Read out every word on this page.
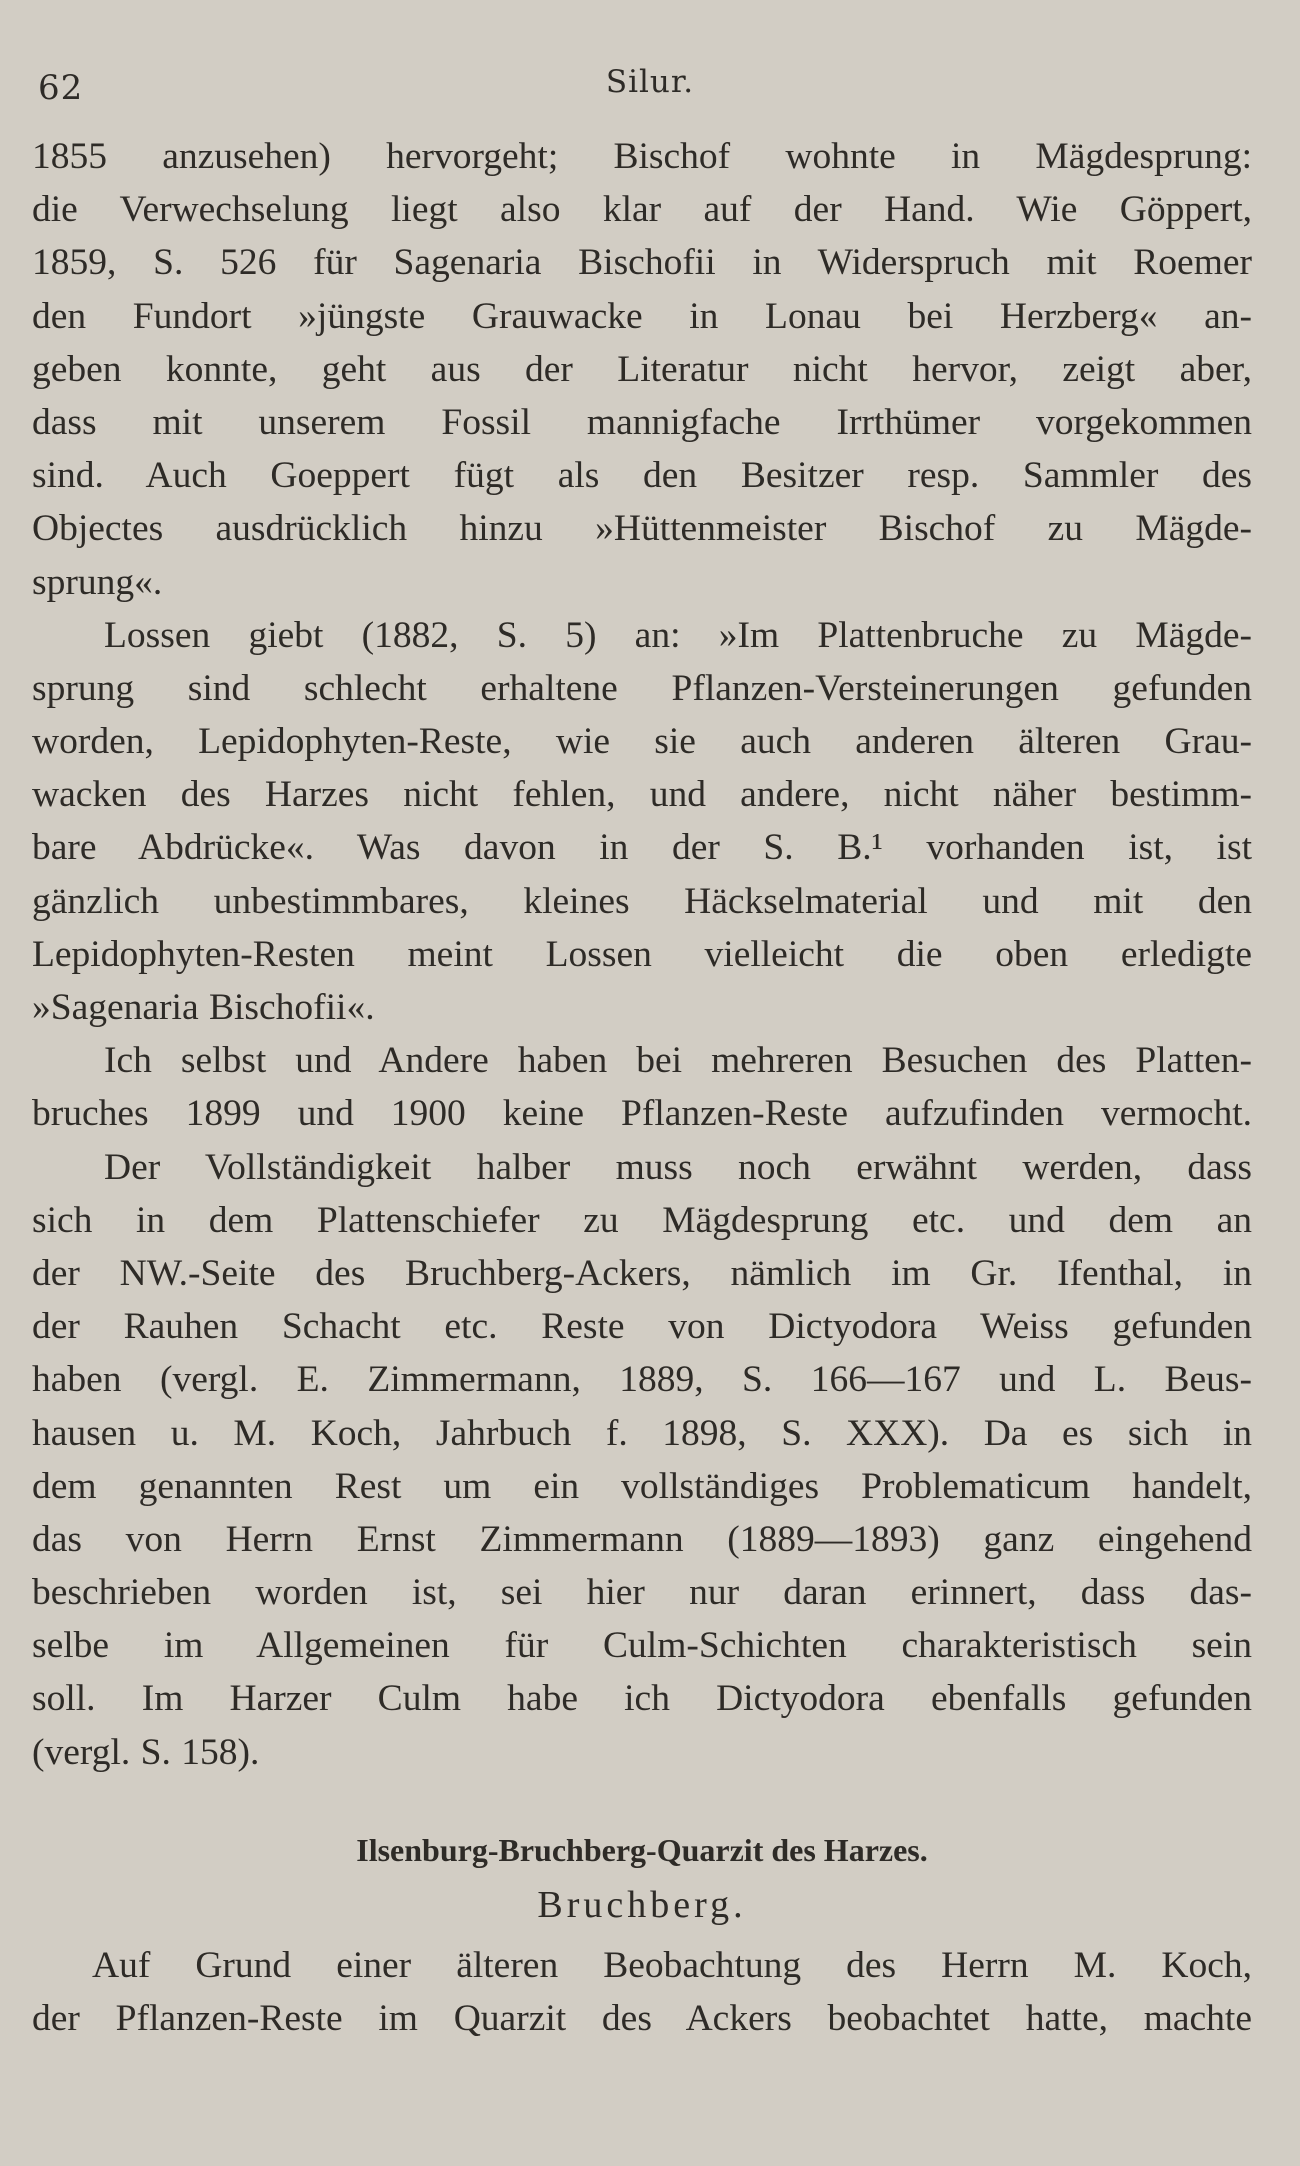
62	Silur.
1855 anzusehen) hervorgeht; Bischof wohnte in Mägdesprung:
die Verwechselung liegt also klar auf der Hand. Wie Göppert,
1859, S. 526 für Sagenaria Bischofii in Widerspruch mit Roemer
den Fundort »jüngste Grauwacke in Lonau bei Herzberg« an-
geben konnte, geht aus der Literatur nicht hervor, zeigt aber,
dass mit unserem Fossil mannigfache Irrthümer vorgekommen
sind. Auch Goeppert fügt als den Besitzer resp. Sammler des
Objectes ausdrücklich hinzu »Hüttenmeister Bischof zu Mägde-
sprung«.
Lossen giebt (1882, S. 5) an: »Im Plattenbruche zu Mägde-
sprung sind schlecht erhaltene Pflanzen-Versteinerungen gefunden
worden, Lepidophyten-Reste, wie sie auch anderen älteren Grau-
wacken des Harzes nicht fehlen, und andere, nicht näher bestimm-
bare Abdrücke«. Was davon in der S. B.¹ vorhanden ist, ist
gänzlich unbestimmbares, kleines Häckselmaterial und mit den
Lepidophyten-Resten meint Lossen vielleicht die oben erledigte
»Sagenaria Bischofii«.
Ich selbst und Andere haben bei mehreren Besuchen des Platten-
bruches 1899 und 1900 keine Pflanzen-Reste aufzufinden vermocht.
Der Vollständigkeit halber muss noch erwähnt werden, dass
sich in dem Plattenschiefer zu Mägdesprung etc. und dem an
der NW.-Seite des Bruchberg-Ackers, nämlich im Gr. Ifenthal, in
der Rauhen Schacht etc. Reste von Dictyodora Weiss gefunden
haben (vergl. E. Zimmermann, 1889, S. 166—167 und L. Beus-
hausen u. M. Koch, Jahrbuch f. 1898, S. XXX). Da es sich in
dem genannten Rest um ein vollständiges Problematicum handelt,
das von Herrn Ernst Zimmermann (1889—1893) ganz eingehend
beschrieben worden ist, sei hier nur daran erinnert, dass das-
selbe im Allgemeinen für Culm-Schichten charakteristisch sein
soll. Im Harzer Culm habe ich Dictyodora ebenfalls gefunden
(vergl. S. 158).
Ilsenburg-Bruchberg-Quarzit des Harzes.
Bruchberg.
Auf Grund einer älteren Beobachtung des Herrn M. Koch,
der Pflanzen-Reste im Quarzit des Ackers beobachtet hatte, machte
